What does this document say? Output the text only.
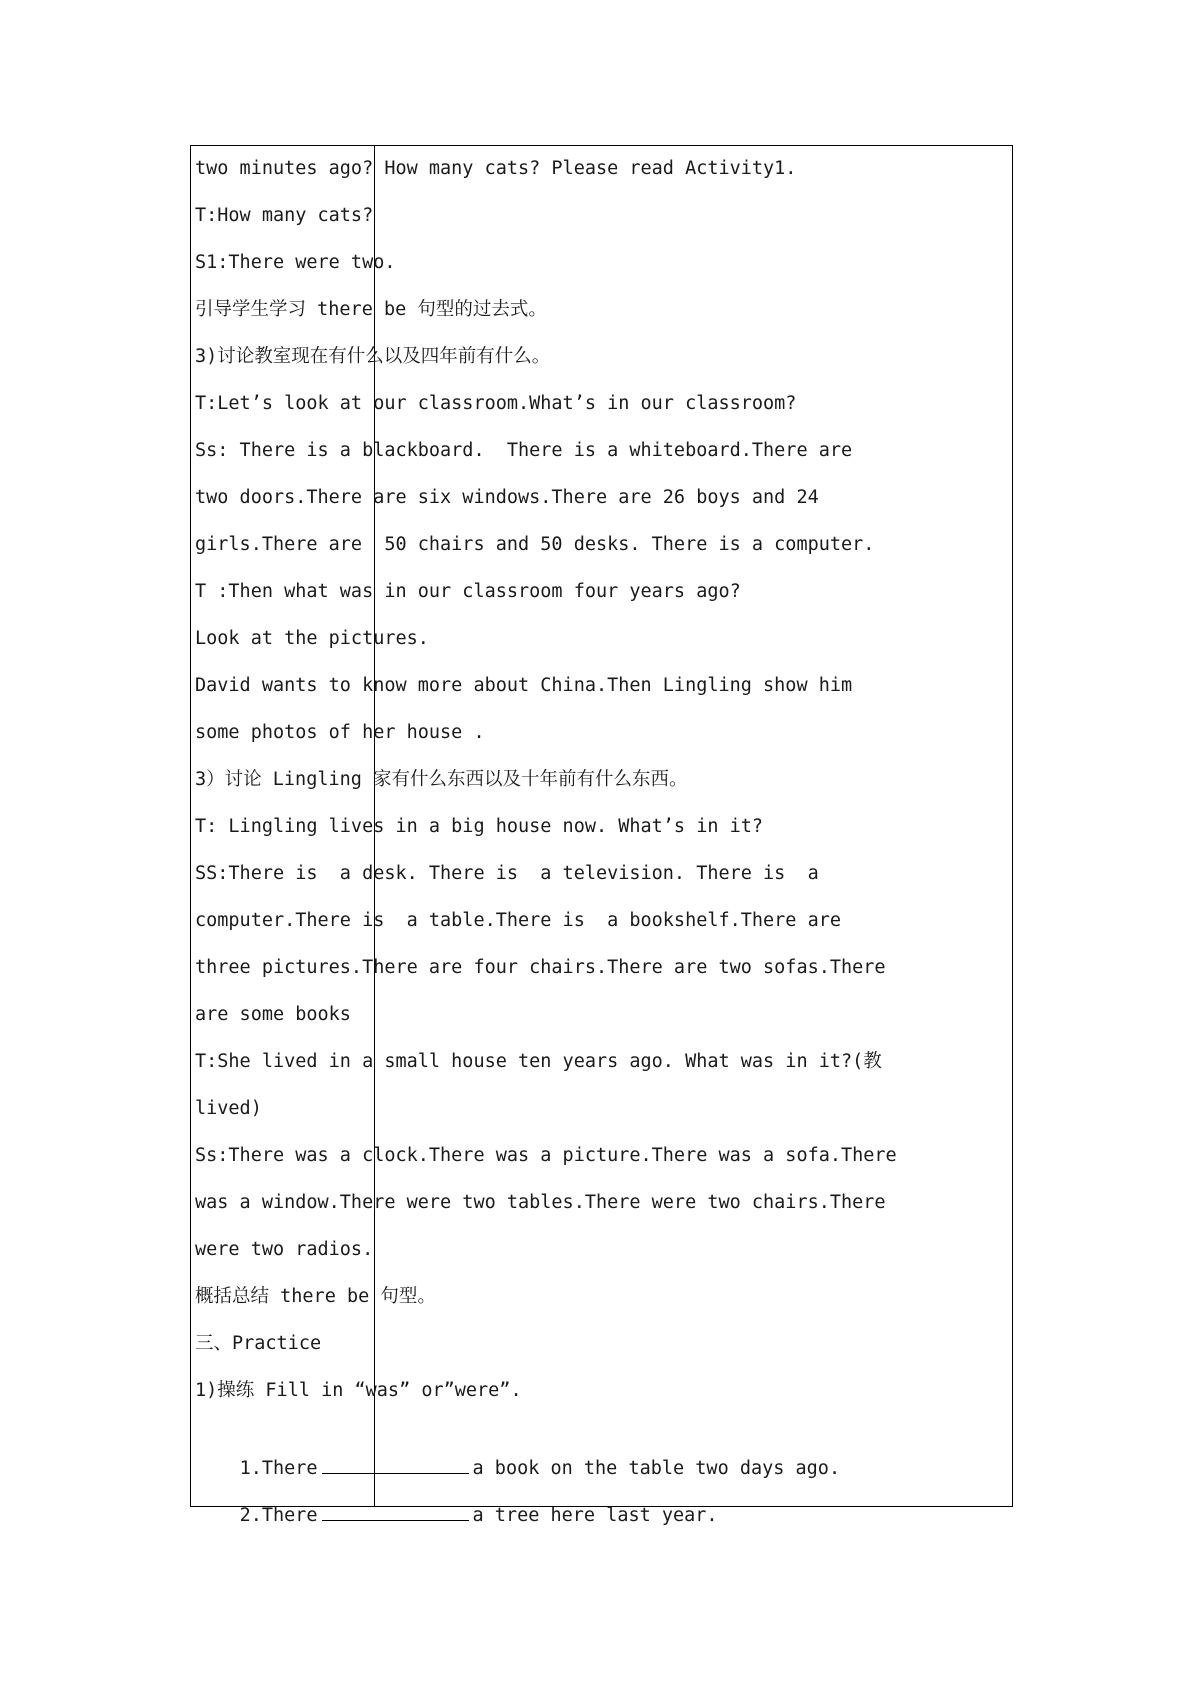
two minutes ago? How many cats? Please read Activity1.
T:How many cats?
S1:There were two.
引导学生学习 there be 句型的过去式。
3)讨论教室现在有什么以及四年前有什么。
T:Let’s look at our classroom.What’s in our classroom?
Ss: There is a blackboard.  There is a whiteboard.There are
two doors.There are six windows.There are 26 boys and 24
girls.There are  50 chairs and 50 desks. There is a computer.
T :Then what was in our classroom four years ago?
Look at the pictures.
David wants to know more about China.Then Lingling show him
some photos of her house .
3）讨论 Lingling 家有什么东西以及十年前有什么东西。
T: Lingling lives in a big house now. What’s in it?
SS:There is  a desk. There is  a television. There is  a
computer.There is  a table.There is  a bookshelf.There are
three pictures.There are four chairs.There are two sofas.There
are some books
T:She lived in a small house ten years ago. What was in it?(教
lived)
Ss:There was a clock.There was a picture.There was a sofa.There
was a window.There were two tables.There were two chairs.There
were two radios.
概括总结 there be 句型。
三、Practice
1)操练 Fill in “was” or”were”.

1.There	a book on the table two days ago.

2.There	a tree here last year.
